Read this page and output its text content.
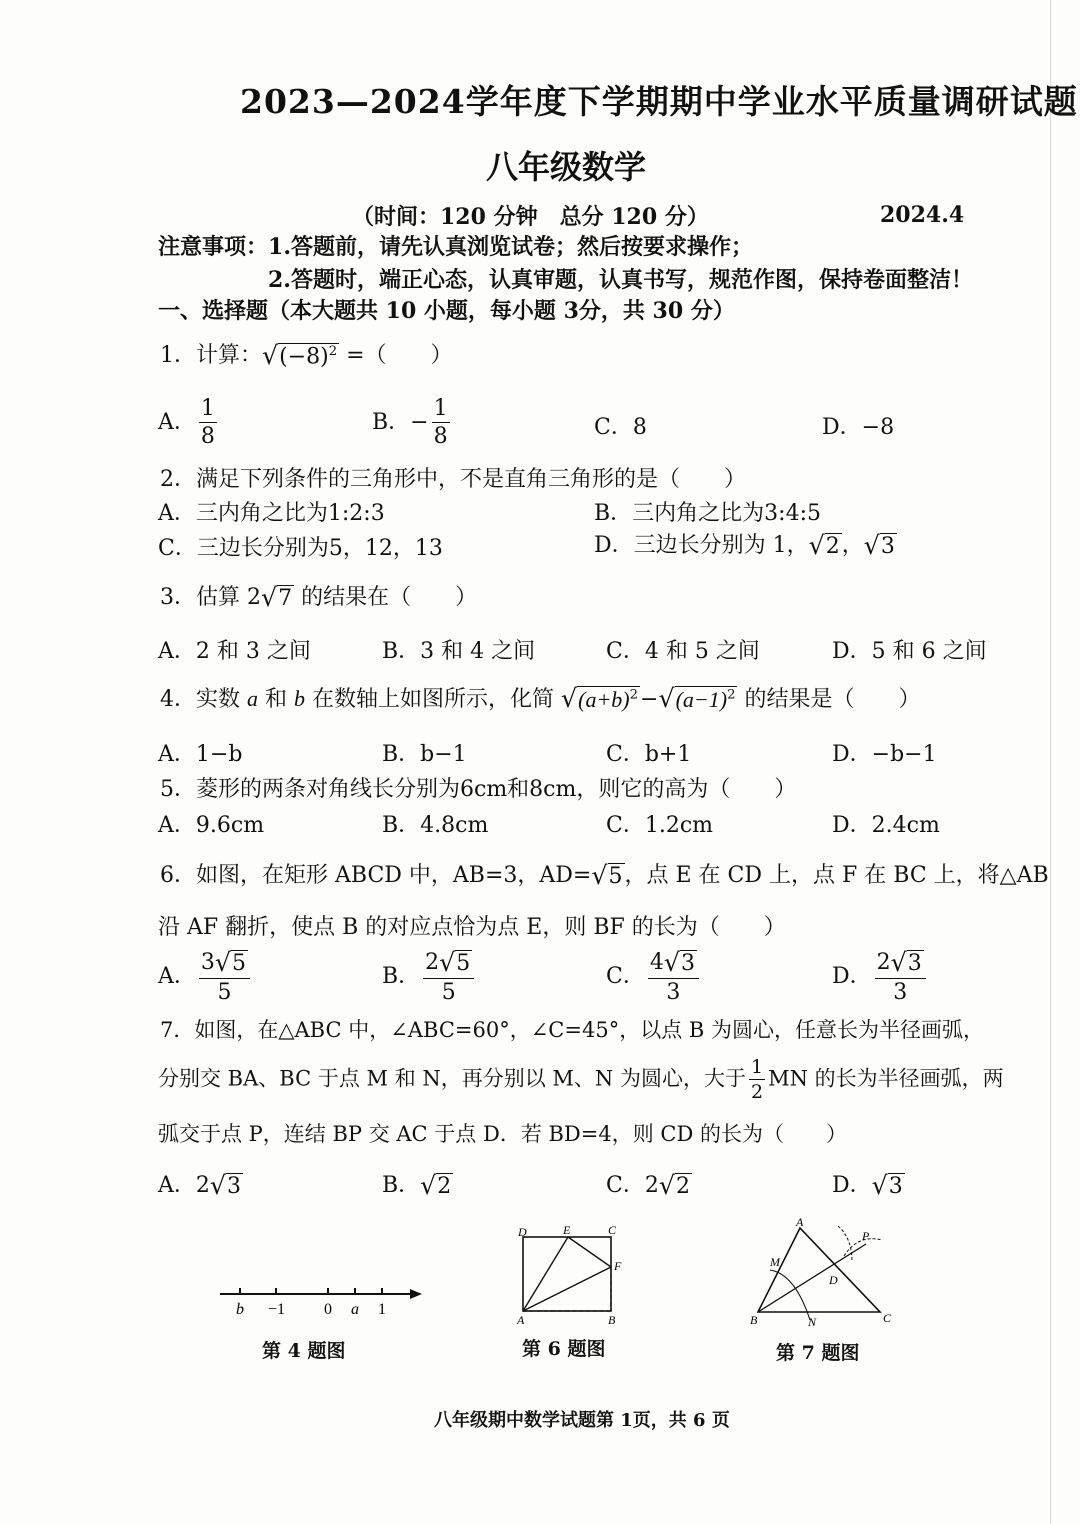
2023—2024学年度下学期期中学业水平质量调研试题
八年级数学
（时间：120 分钟　总分 120 分）	2024.4
注意事项：1.答题前，请先认真浏览试卷；然后按要求操作；
2.答题时，端正心态，认真审题，认真书写，规范作图，保持卷面整洁！
一、选择题（本大题共 10 小题，每小题 3分，共 30 分）
1．计算： √ $(-8)^2$ =（　　）
A． $\frac{1}{8}$	B．− $\frac{1}{8}$	C．8	D．−8
2．满足下列条件的三角形中，不是直角三角形的是（　　）
A．三内角之比为1:2:3	B．三内角之比为3:4:5
C．三边长分别为5，12，13	D．三边长分别为 1， √ 2 ， √ 3
3．估算 2 √ 7 的结果在（　　）
A．2 和 3 之间	B．3 和 4 之间	C．4 和 5 之间	D．5 和 6 之间
4．实数 a 和 b 在数轴上如图所示，化简 √ $(a+b)^2$ − √ $(a-1)^2$ 的结果是（　　）
A．1−b	B．b−1	C．b+1	D．−b−1
5．菱形的两条对角线长分别为6cm和8cm，则它的高为（　　）
A．9.6cm	B．4.8cm	C．1.2cm	D．2.4cm
6．如图，在矩形 ABCD 中，AB=3，AD= √ 5 ，点 E 在 CD 上，点 F 在 BC 上，将△AB
沿 AF 翻折，使点 B 的对应点恰为点 E，则 BF 的长为（　　）
A． $\frac{3 √ 5}{5}$	B． $\frac{2 √ 5}{5}$	C． $\frac{4 √ 3}{3}$	D． $\frac{2 √ 3}{3}$
7．如图，在△ABC 中，∠ABC=60°，∠C=45°，以点 B 为圆心，任意长为半径画弧，
分别交 BA、BC 于点 M 和 N，再分别以 M、N 为圆心，大于 $\frac{1}{2}$ MN 的长为半径画弧，两
弧交于点 P，连结 BP 交 AC 于点 D．若 BD=4，则 CD 的长为（　　）
A．2 √ 3	B． √ 2	C．2 √ 2	D． √ 3
b −1 0 a 1
第 4 题图
D	E	C
F
A	B
第 6 题图
A
M
P
D
B	N	C
第 7 题图
八年级期中数学试题第 1页，共 6 页
